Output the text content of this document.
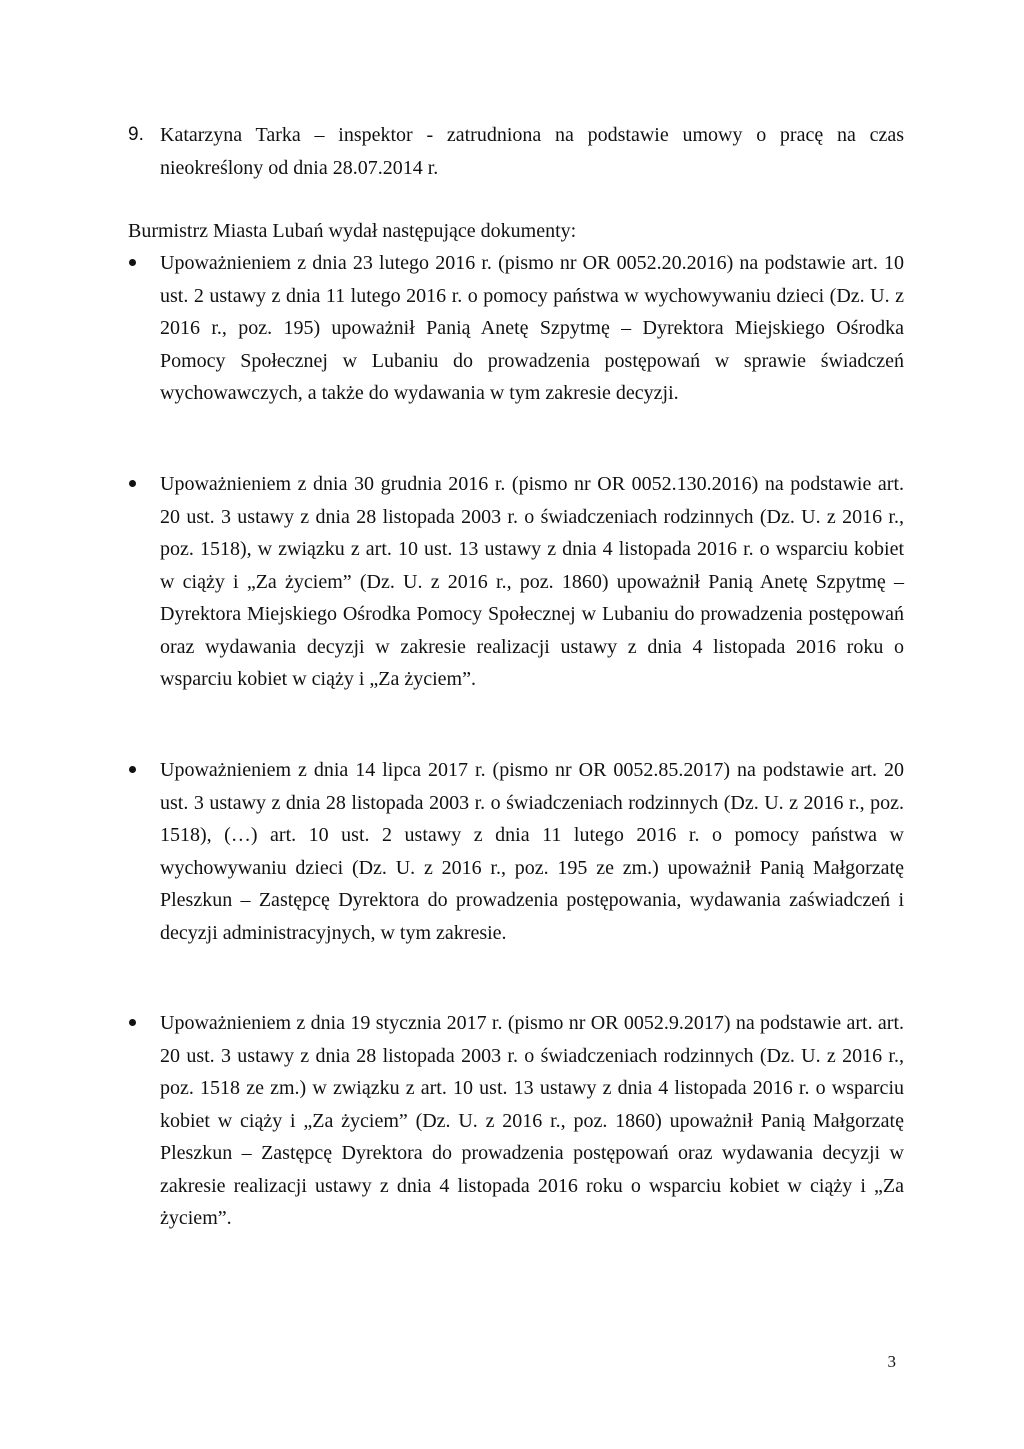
9. Katarzyna Tarka – inspektor - zatrudniona na podstawie umowy o pracę na czas nieokreślony od dnia 28.07.2014 r.

Burmistrz Miasta Lubań wydał następujące dokumenty:

Upoważnieniem z dnia 23 lutego 2016 r. (pismo nr OR 0052.20.2016) na podstawie art. 10 ust. 2 ustawy z dnia 11 lutego 2016 r. o pomocy państwa w wychowywaniu dzieci (Dz. U. z 2016 r., poz. 195) upoważnił Panią Anetę Szpytmę – Dyrektora Miejskiego Ośrodka Pomocy Społecznej w Lubaniu do prowadzenia postępowań w sprawie świadczeń wychowawczych, a także do wydawania w tym zakresie decyzji.
Upoważnieniem z dnia 30 grudnia 2016 r. (pismo nr OR 0052.130.2016) na podstawie art. 20 ust. 3 ustawy z dnia 28 listopada 2003 r. o świadczeniach rodzinnych (Dz. U. z 2016 r., poz. 1518), w związku z art. 10 ust. 13 ustawy z dnia 4 listopada 2016 r. o wsparciu kobiet w ciąży i „Za życiem” (Dz. U. z 2016 r., poz. 1860) upoważnił Panią Anetę Szpytmę – Dyrektora Miejskiego Ośrodka Pomocy Społecznej w Lubaniu do prowadzenia postępowań oraz wydawania decyzji w zakresie realizacji ustawy z dnia 4 listopada 2016 roku o wsparciu kobiet w ciąży i „Za życiem”.
Upoważnieniem z dnia 14 lipca 2017 r. (pismo nr OR 0052.85.2017) na podstawie art. 20 ust. 3 ustawy z dnia 28 listopada 2003 r. o świadczeniach rodzinnych (Dz. U. z 2016 r., poz. 1518), (…) art. 10 ust. 2 ustawy z dnia 11 lutego 2016 r. o pomocy państwa w wychowywaniu dzieci (Dz. U. z 2016 r., poz. 195 ze zm.) upoważnił Panią Małgorzatę Pleszkun – Zastępcę Dyrektora do prowadzenia postępowania, wydawania zaświadczeń i decyzji administracyjnych, w tym zakresie.
Upoważnieniem z dnia 19 stycznia 2017 r. (pismo nr OR 0052.9.2017) na podstawie art. art. 20 ust. 3 ustawy z dnia 28 listopada 2003 r. o świadczeniach rodzinnych (Dz. U. z 2016 r., poz. 1518 ze zm.) w związku z art. 10 ust. 13 ustawy z dnia 4 listopada 2016 r. o wsparciu kobiet w ciąży i „Za życiem” (Dz. U. z 2016 r., poz. 1860) upoważnił Panią Małgorzatę Pleszkun – Zastępcę Dyrektora do prowadzenia postępowań oraz wydawania decyzji w zakresie realizacji ustawy z dnia 4 listopada 2016 roku o wsparciu kobiet w ciąży i „Za życiem”.
3
